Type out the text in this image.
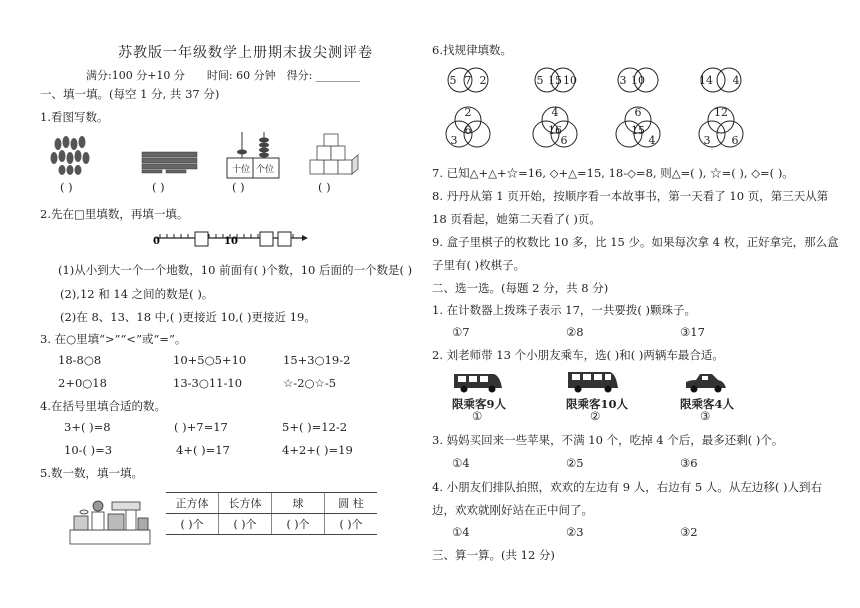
苏教版一年级数学上册期末拔尖测评卷
满分:100 分+10 分　　时间: 60 分钟　得分: ________
一、填一填。(每空 1 分, 共 37 分)
1.看图写数。
十位 个位
( )	( )	( )	( )
2.先在□里填数，再填一填。
0	10
(1)从小到大一个一个地数，10 前面有( )个数，10 后面的一个数是( )
(2),12 和 14 之间的数是( )。
(2)在 8、13、18 中,( )更接近 10,( )更接近 19。
3. 在○里填“>”“<”或“=”。
18-8○8	10+5○5+10	15+3○19-2
2+0○18	13-3○11-10	☆-2○☆-5
4.在括号里填合适的数。
3+( )=8	( )+7=17	5+( )=12-2
10-( )=3	4+( )=17	4+2+( )=19
5.数一数，填一填。
正方体	长方体	球	圆 柱
( )个	( )个	( )个	( )个
6.找规律填数。
5 7 2	5 15 10	3 10	14 4
2
3
6
4
6
16
6
15
4
12
3 6
7. 已知△+△+☆=16, ◇+△=15, 18-◇=8, 则△=( ), ☆=( ), ◇=( )。
8. 丹丹从第 1 页开始，按顺序看一本故事书，第一天看了 10 页，第三天从第
18 页看起，她第二天看了( )页。
9. 盒子里棋子的枚数比 10 多，比 15 少。如果每次拿 4 枚，正好拿完，那么盒
子里有( )枚棋子。
二、选一选。(每题 2 分，共 8 分)
1. 在计数器上拨珠子表示 17，一共要拨( )颗珠子。
①7	②8	③17
2. 刘老师带 13 个小朋友乘车，选( )和( )两辆车最合适。
限乘客9人	限乘客10人	限乘客4人
①	②	③
3. 妈妈买回来一些苹果，不满 10 个，吃掉 4 个后，最多还剩( )个。
①4	②5	③6
4. 小朋友们排队拍照，欢欢的左边有 9 人，右边有 5 人。从左边移( )人到右
边，欢欢就刚好站在正中间了。
①4	②3	③2
三、算一算。(共 12 分)
